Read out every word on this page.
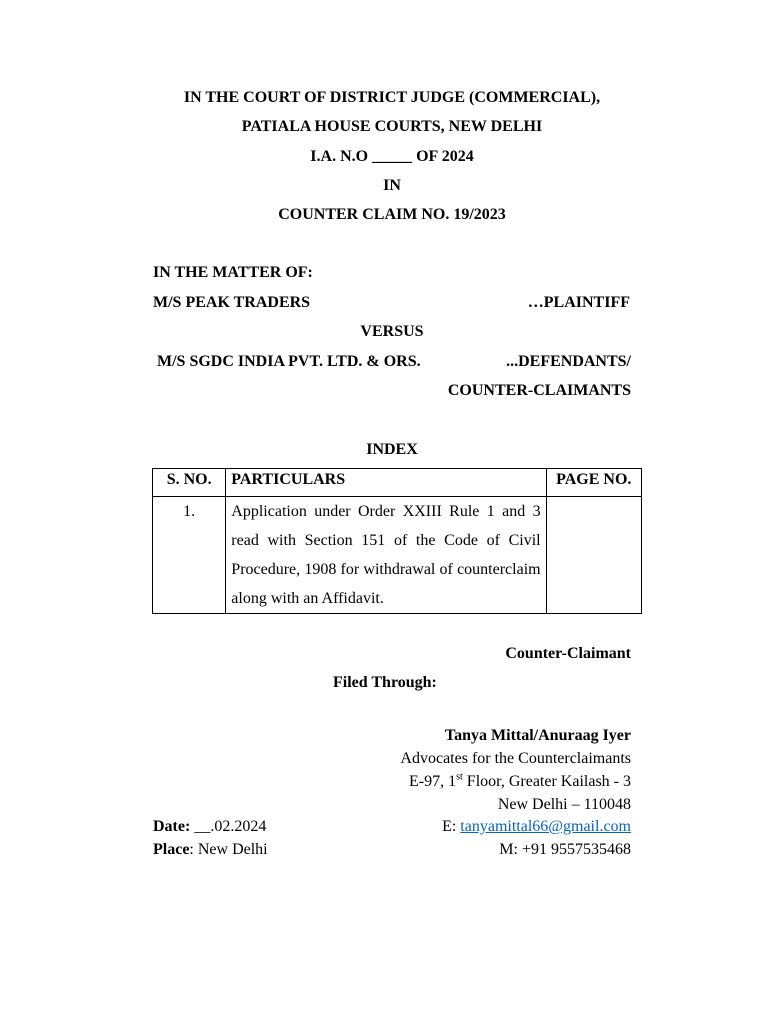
IN THE COURT OF DISTRICT JUDGE (COMMERCIAL),
PATIALA HOUSE COURTS, NEW DELHI
I.A. N.O _____ OF 2024
IN
COUNTER CLAIM NO. 19/2023
IN THE MATTER OF:
M/S PEAK TRADERS	…PLAINTIFF
VERSUS
M/S SGDC INDIA PVT. LTD. & ORS.	...DEFENDANTS/
COUNTER-CLAIMANTS
INDEX
S. NO.	PARTICULARS	PAGE NO.
1.	Application under Order XXIII Rule 1 and 3 read with Section 151 of the Code of Civil Procedure, 1908 for withdrawal of counterclaim along with an Affidavit.	
Counter-Claimant
Filed Through:
Tanya Mittal/Anuraag Iyer
Advocates for the Counterclaimants
E-97, 1st Floor, Greater Kailash - 3
New Delhi – 110048
E: tanyamittal66@gmail.com
M: +91 9557535468
Date: __.02.2024
Place: New Delhi
